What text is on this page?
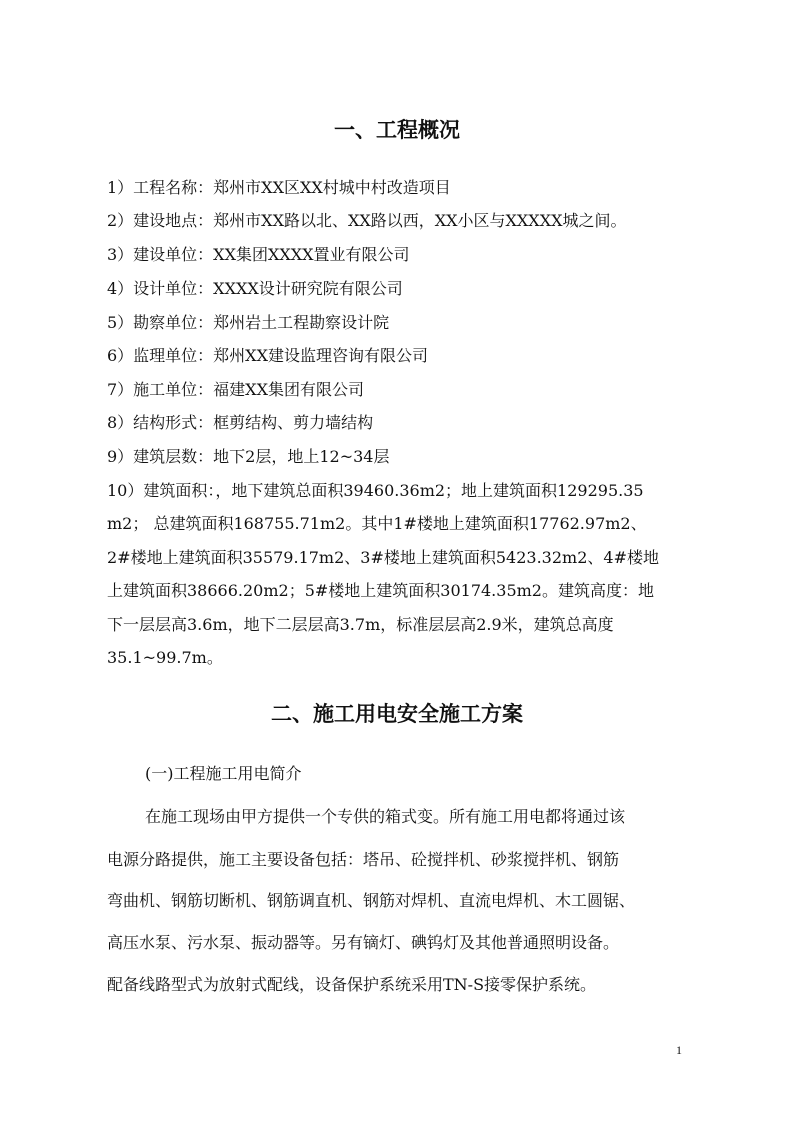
一、工程概况
1）工程名称：郑州市XX区XX村城中村改造项目
2）建设地点：郑州市XX路以北、XX路以西，XX小区与XXXXX城之间。
3）建设单位：XX集团XXXX置业有限公司
4）设计单位：XXXX设计研究院有限公司
5）勘察单位：郑州岩土工程勘察设计院
6）监理单位：郑州XX建设监理咨询有限公司
7）施工单位：福建XX集团有限公司
8）结构形式：框剪结构、剪力墙结构
9）建筑层数：地下2层，地上12~34层
10）建筑面积：，地下建筑总面积39460.36m2；地上建筑面积129295.35
m2； 总建筑面积168755.71m2。其中1#楼地上建筑面积17762.97m2、
2#楼地上建筑面积35579.17m2、3#楼地上建筑面积5423.32m2、4#楼地
上建筑面积38666.20m2；5#楼地上建筑面积30174.35m2。建筑高度：地
下一层层高3.6m，地下二层层高3.7m，标准层层高2.9米，建筑总高度
35.1~99.7m。
二、施工用电安全施工方案
(一)工程施工用电简介
在施工现场由甲方提供一个专供的箱式变。所有施工用电都将通过该
电源分路提供，施工主要设备包括：塔吊、砼搅拌机、砂浆搅拌机、钢筋
弯曲机、钢筋切断机、钢筋调直机、钢筋对焊机、直流电焊机、木工圆锯、
高压水泵、污水泵、振动器等。另有镝灯、碘钨灯及其他普通照明设备。
配备线路型式为放射式配线，设备保护系统采用TN-S接零保护系统。
1
